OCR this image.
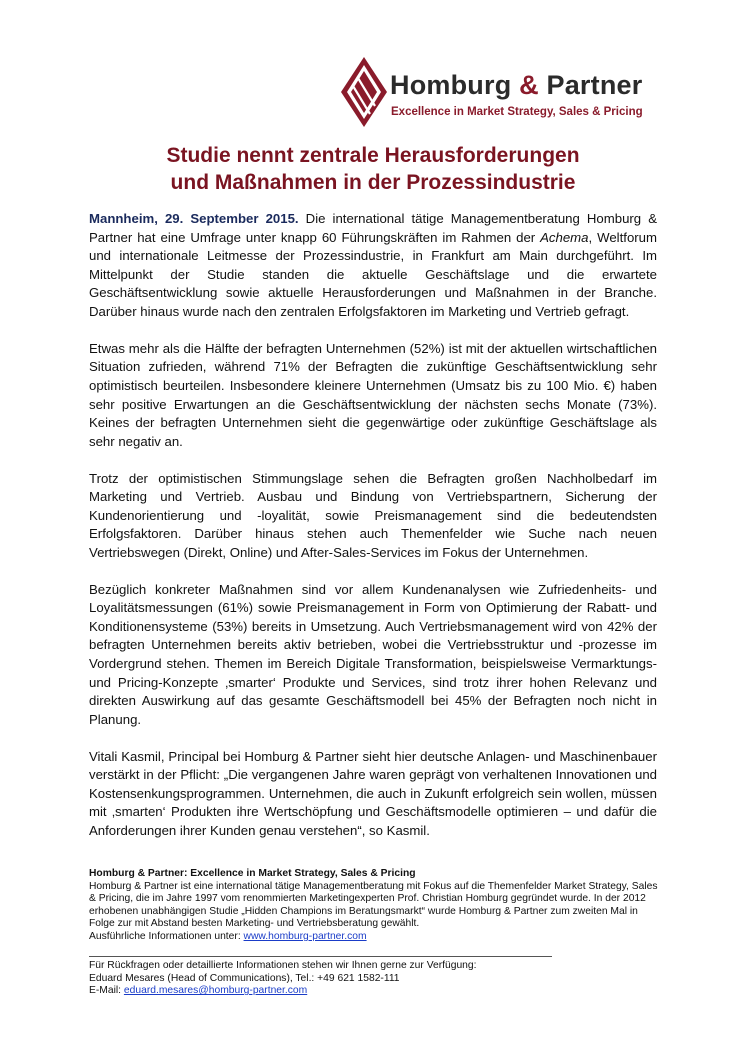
Homburg & Partner
Excellence in Market Strategy, Sales & Pricing
Studie nennt zentrale Herausforderungen
und Maßnahmen in der Prozessindustrie

Mannheim, 29. September 2015. Die international tätige Managementberatung Homburg & Partner hat eine Umfrage unter knapp 60 Führungskräften im Rahmen der Achema, Weltforum und internationale Leitmesse der Prozessindustrie, in Frankfurt am Main durchgeführt. Im Mittelpunkt der Studie standen die aktuelle Geschäftslage und die erwartete Geschäftsentwicklung sowie aktuelle Herausforderungen und Maßnahmen in der Branche. Darüber hinaus wurde nach den zentralen Erfolgsfaktoren im Marketing und Vertrieb gefragt.

Etwas mehr als die Hälfte der befragten Unternehmen (52%) ist mit der aktuellen wirtschaftlichen Situation zufrieden, während 71% der Befragten die zukünftige Geschäftsentwicklung sehr optimistisch beurteilen. Insbesondere kleinere Unternehmen (Umsatz bis zu 100 Mio. €) haben sehr positive Erwartungen an die Geschäftsentwicklung der nächsten sechs Monate (73%). Keines der befragten Unternehmen sieht die gegenwärtige oder zukünftige Geschäftslage als sehr negativ an.

Trotz der optimistischen Stimmungslage sehen die Befragten großen Nachholbedarf im Marketing und Vertrieb. Ausbau und Bindung von Vertriebspartnern, Sicherung der Kundenorientierung und -loyalität, sowie Preismanagement sind die bedeutendsten Erfolgsfaktoren. Darüber hinaus stehen auch Themenfelder wie Suche nach neuen Vertriebswegen (Direkt, Online) und After-Sales-Services im Fokus der Unternehmen.

Bezüglich konkreter Maßnahmen sind vor allem Kundenanalysen wie Zufriedenheits- und Loyalitätsmessungen (61%) sowie Preismanagement in Form von Optimierung der Rabatt- und Konditionensysteme (53%) bereits in Umsetzung. Auch Vertriebsmanagement wird von 42% der befragten Unternehmen bereits aktiv betrieben, wobei die Vertriebsstruktur und -prozesse im Vordergrund stehen. Themen im Bereich Digitale Transformation, beispielsweise Vermarktungs- und Pricing-Konzepte ‚smarter‘ Produkte und Services, sind trotz ihrer hohen Relevanz und direkten Auswirkung auf das gesamte Geschäftsmodell bei 45% der Befragten noch nicht in Planung.

Vitali Kasmil, Principal bei Homburg & Partner sieht hier deutsche Anlagen- und Maschinenbauer verstärkt in der Pflicht: „Die vergangenen Jahre waren geprägt von verhaltenen Innovationen und Kostensenkungsprogrammen. Unternehmen, die auch in Zukunft erfolgreich sein wollen, müssen mit ‚smarten‘ Produkten ihre Wertschöpfung und Geschäftsmodelle optimieren – und dafür die Anforderungen ihrer Kunden genau verstehen“, so Kasmil.

Homburg & Partner: Excellence in Market Strategy, Sales & Pricing

Homburg & Partner ist eine international tätige Managementberatung mit Fokus auf die Themenfelder Market Strategy, Sales & Pricing, die im Jahre 1997 vom renommierten Marketingexperten Prof. Christian Homburg gegründet wurde. In der 2012 erhobenen unabhängigen Studie „Hidden Champions im Beratungsmarkt“ wurde Homburg & Partner zum zweiten Mal in Folge zur mit Abstand besten Marketing- und Vertriebsberatung gewählt.

Ausführliche Informationen unter: www.homburg-partner.com

Für Rückfragen oder detaillierte Informationen stehen wir Ihnen gerne zur Verfügung:

Eduard Mesares (Head of Communications), Tel.: +49 621 1582-111

E-Mail: eduard.mesares@homburg-partner.com
